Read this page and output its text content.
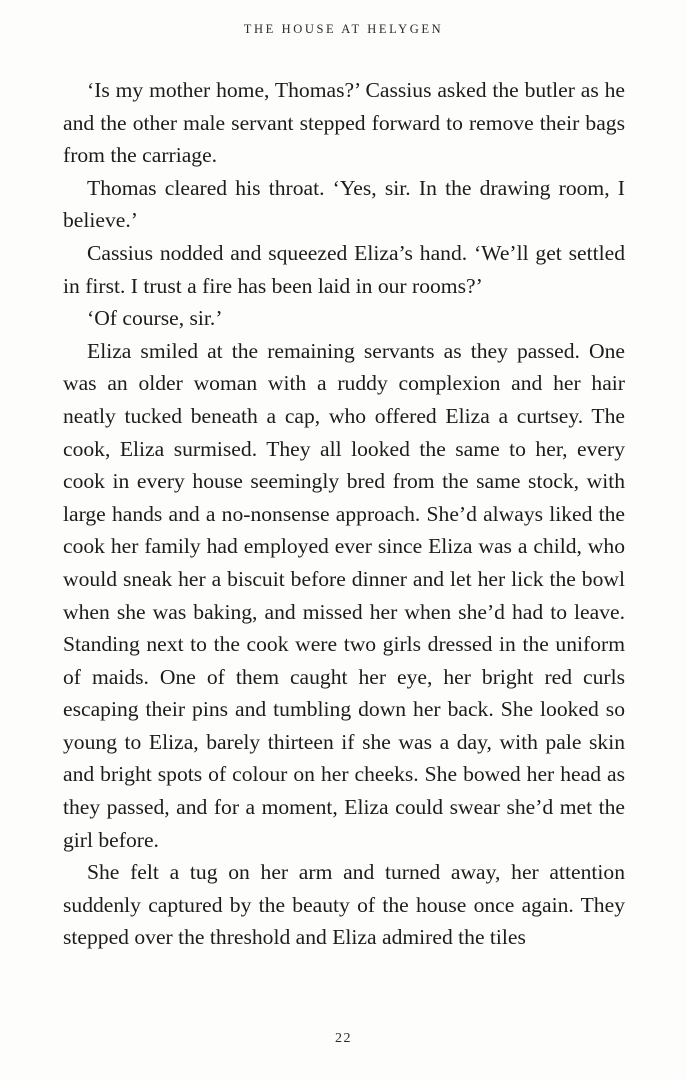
THE HOUSE AT HELYGEN

‘Is my mother home, Thomas?’ Cassius asked the butler as he and the other male servant stepped forward to remove their bags from the carriage.

Thomas cleared his throat. ‘Yes, sir. In the drawing room, I believe.’

Cassius nodded and squeezed Eliza’s hand. ‘We’ll get settled in first. I trust a fire has been laid in our rooms?’

‘Of course, sir.’

Eliza smiled at the remaining servants as they passed. One was an older woman with a ruddy complexion and her hair neatly tucked beneath a cap, who offered Eliza a curtsey. The cook, Eliza surmised. They all looked the same to her, every cook in every house seemingly bred from the same stock, with large hands and a no-nonsense approach. She’d always liked the cook her family had employed ever since Eliza was a child, who would sneak her a biscuit before dinner and let her lick the bowl when she was baking, and missed her when she’d had to leave. Standing next to the cook were two girls dressed in the uniform of maids. One of them caught her eye, her bright red curls escaping their pins and tumbling down her back. She looked so young to Eliza, barely thirteen if she was a day, with pale skin and bright spots of colour on her cheeks. She bowed her head as they passed, and for a moment, Eliza could swear she’d met the girl before.

She felt a tug on her arm and turned away, her attention suddenly captured by the beauty of the house once again. They stepped over the threshold and Eliza admired the tiles

22
